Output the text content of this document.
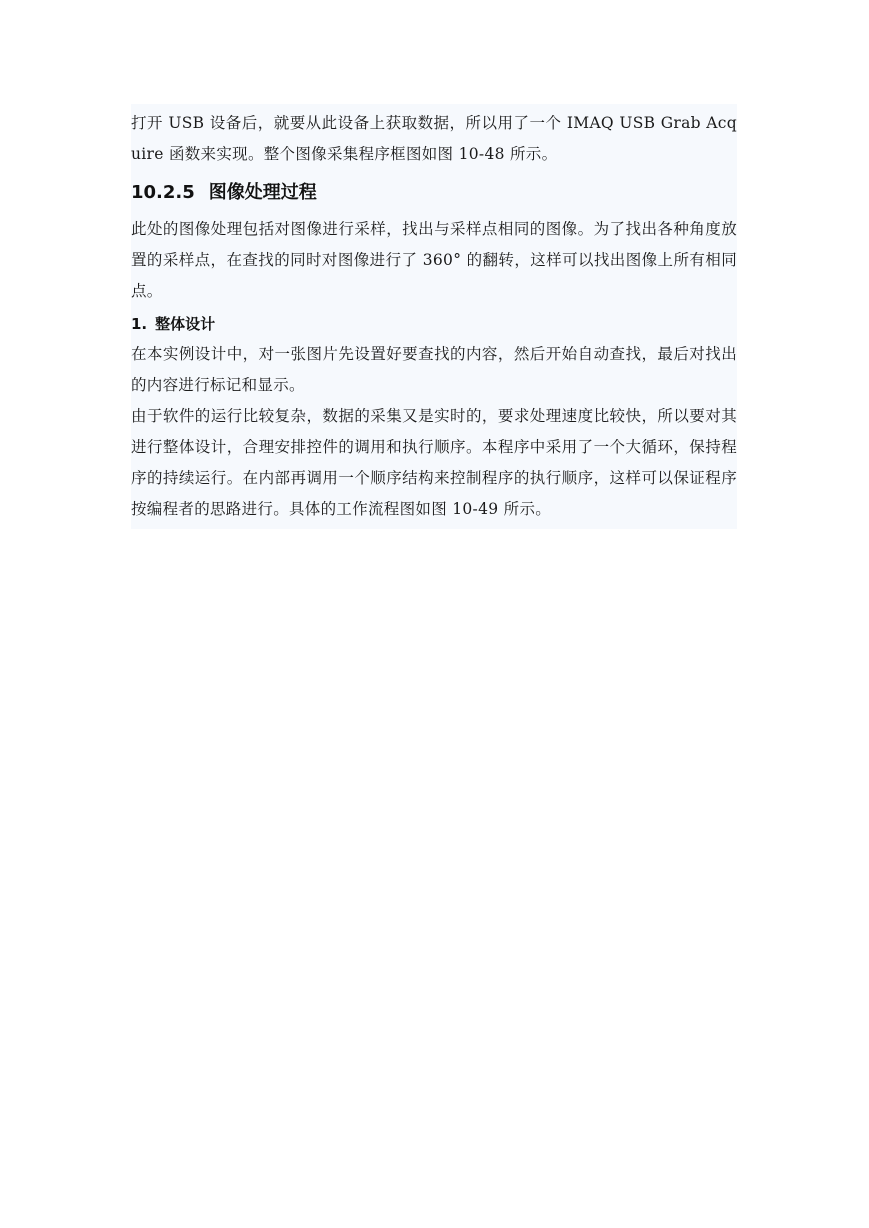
打开 USB 设备后，就要从此设备上获取数据，所以用了一个 IMAQ USB Grab Acquire 函数来实现。整个图像采集程序框图如图 10-48 所示。

10.2.5 图像处理过程

此处的图像处理包括对图像进行采样，找出与采样点相同的图像。为了找出各种角度放置的采样点，在查找的同时对图像进行了 360° 的翻转，这样可以找出图像上所有相同点。

1. 整体设计

在本实例设计中，对一张图片先设置好要查找的内容，然后开始自动查找，最后对找出的内容进行标记和显示。

由于软件的运行比较复杂，数据的采集又是实时的，要求处理速度比较快，所以要对其进行整体设计，合理安排控件的调用和执行顺序。本程序中采用了一个大循环，保持程序的持续运行。在内部再调用一个顺序结构来控制程序的执行顺序，这样可以保证程序按编程者的思路进行。具体的工作流程图如图 10-49 所示。
